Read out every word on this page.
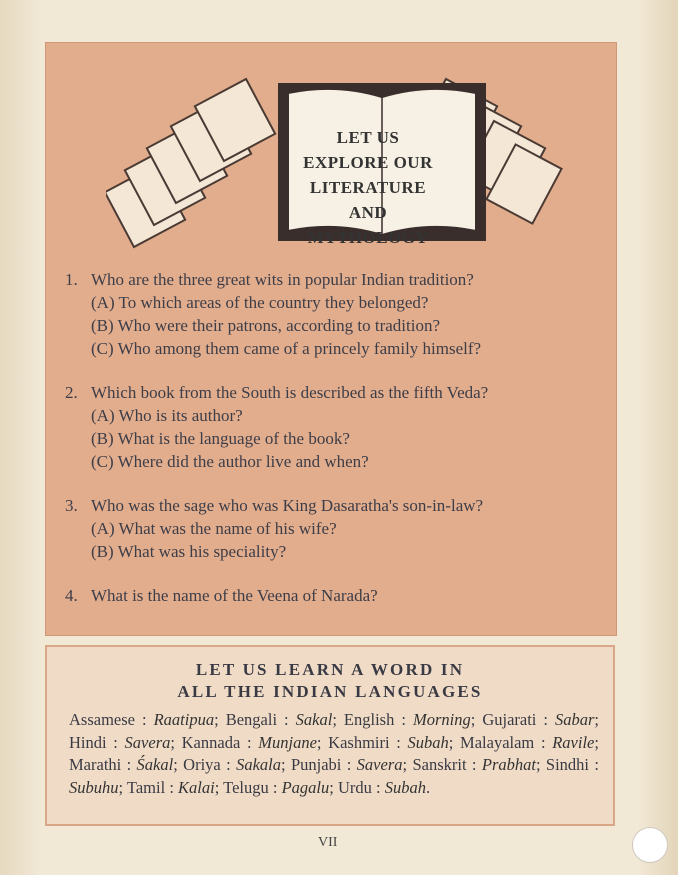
LET US
EXPLORE OUR
LITERATURE
AND
MYTHOLOGY
1. Who are the three great wits in popular Indian tradition?
(A) To which areas of the country they belonged?
(B) Who were their patrons, according to tradition?
(C) Who among them came of a princely family himself?
2. Which book from the South is described as the fifth Veda?
(A) Who is its author?
(B) What is the language of the book?
(C) Where did the author live and when?
3. Who was the sage who was King Dasaratha's son-in-law?
(A) What was the name of his wife?
(B) What was his speciality?
4. What is the name of the Veena of Narada?
LET US LEARN A WORD IN
ALL THE INDIAN LANGUAGES
Assamese : Raatipua; Bengali : Sakal; English : Morning; Gujarati : Sabar; Hindi : Savera; Kannada : Munjane; Kashmiri : Subah; Malayalam : Ravile; Marathi : Śakal; Oriya : Sakala; Punjabi : Savera; Sanskrit : Prabhat; Sindhi : Subuhu; Tamil : Kalai; Telugu : Pagalu; Urdu : Subah.
VII
